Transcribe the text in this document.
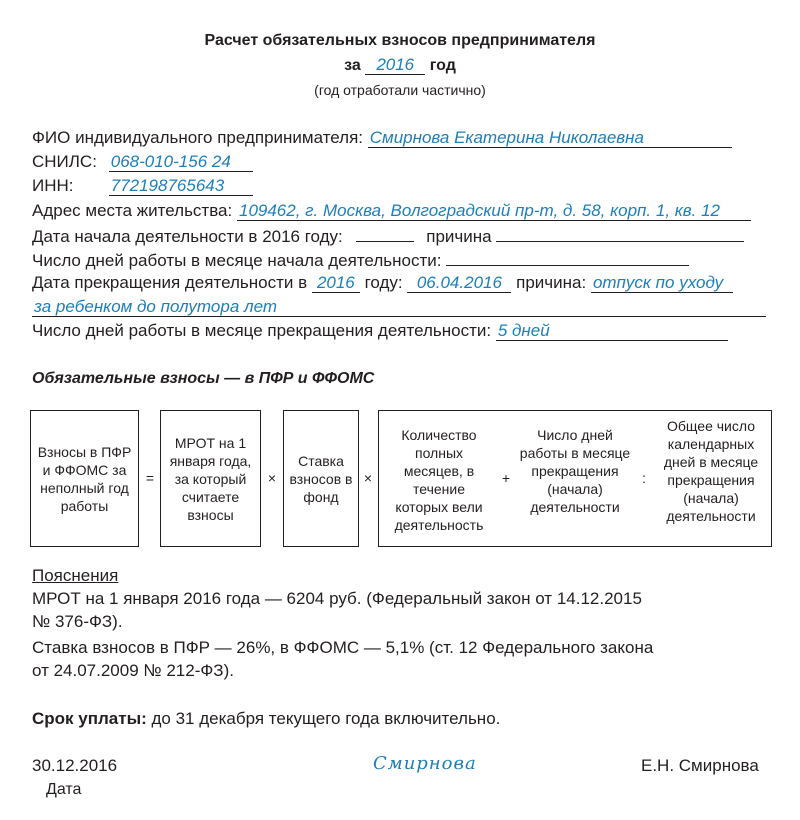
Расчет обязательных взносов предпринимателя
за 2016 год
(год отработали частично)
ФИО индивидуального предпринимателя: Смирнова Екатерина Николаевна
СНИЛС: 068-010-156 24
ИНН: 772198765643
Адрес места жительства: 109462, г. Москва, Волгоградский пр-т, д. 58, корп. 1, кв. 12
Дата начала деятельности в 2016 году:	причина
Число дней работы в месяце начала деятельности:
Дата прекращения деятельности в 2016 году: 06.04.2016 причина: отпуск по уходу
за ребенком до полутора лет
Число дней работы в месяце прекращения деятельности: 5 дней
Обязательные взносы — в ПФР и ФФОМС
Взносы в ПФР и ФФОМС за неполный год работы
=
МРОТ на 1 января года, за который считаете взносы
×
Ставка взносов в фонд
×
Количество полных месяцев, в течение которых вели деятельность
+
Число дней работы в месяце прекращения (начала) деятельности
:
Общее число календарных дней в месяце прекращения (начала) деятельности
Пояснения
МРОТ на 1 января 2016 года — 6204 руб. (Федеральный закон от 14.12.2015
№ 376-ФЗ).
Ставка взносов в ПФР — 26%, в ФФОМС — 5,1% (ст. 12 Федерального закона
от 24.07.2009 № 212-ФЗ).
Срок уплаты: до 31 декабря текущего года включительно.
30.12.2016
Дата
Смирнова	Е.Н. Смирнова
